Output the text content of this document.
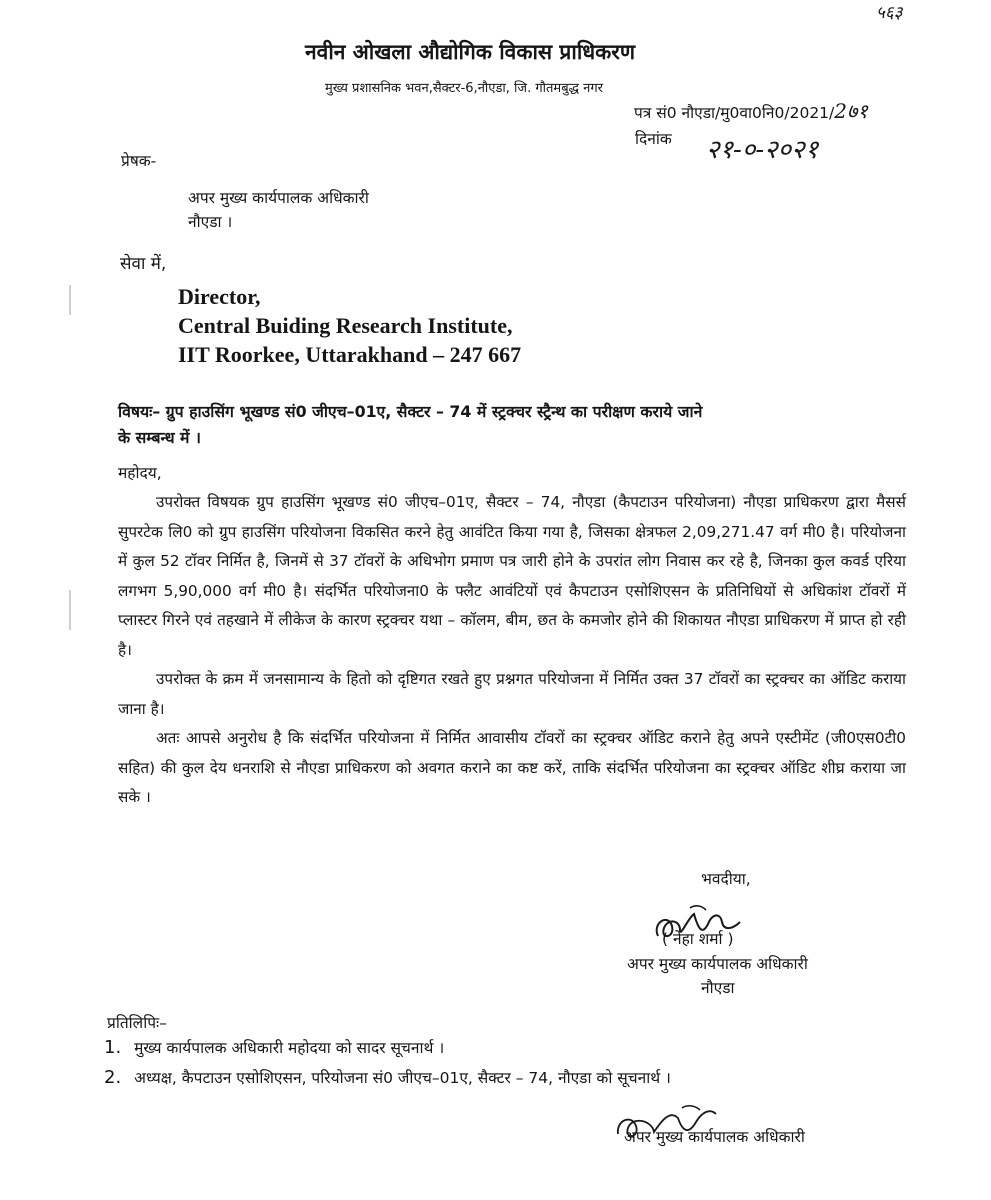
५६३
नवीन ओखला औद्योगिक विकास प्राधिकरण
मुख्य प्रशासनिक भवन,सैक्टर-6,नौएडा, जि. गौतमबुद्ध नगर
पत्र सं0 नौएडा/मु0वा0नि0/2021/2७१
दिनांक २१-०-२०२१
प्रेषक-
अपर मुख्य कार्यपालक अधिकारी
नौएडा ।
सेवा में,
Director,
Central Buiding Research Institute,
IIT Roorkee, Uttarakhand – 247 667
विषयः– ग्रुप हाउसिंग भूखण्ड सं0 जीएच–01ए, सैक्टर – 74 में स्ट्रक्चर स्ट्रैन्थ का परीक्षण कराये जाने
के सम्बन्ध में ।
महोदय,

उपरोक्त विषयक ग्रुप हाउसिंग भूखण्ड सं0 जीएच–01ए, सैक्टर – 74, नौएडा (कैपटाउन परियोजना) नौएडा प्राधिकरण द्वारा मैसर्स सुपरटेक लि0 को ग्रुप हाउसिंग परियोजना विकसित करने हेतु आवंटित किया गया है, जिसका क्षेत्रफल 2,09,271.47 वर्ग मी0 है। परियोजना में कुल 52 टॉवर निर्मित है, जिनमें से 37 टॉवरों के अधिभोग प्रमाण पत्र जारी होने के उपरांत लोग निवास कर रहे है, जिनका कुल कवर्ड एरिया लगभग 5,90,000 वर्ग मी0 है। संदर्भित परियोजना0 के फ्लैट आवंटियों एवं कैपटाउन एसोशिएसन के प्रतिनिधियों से अधिकांश टॉवरों में प्लास्टर गिरने एवं तहखाने में लीकेज के कारण स्ट्रक्चर यथा – कॉलम, बीम, छत के कमजोर होने की शिकायत नौएडा प्राधिकरण में प्राप्त हो रही है।

उपरोक्त के क्रम में जनसामान्य के हितो को दृष्टिगत रखते हुए प्रश्नगत परियोजना में निर्मित उक्त 37 टॉवरों का स्ट्रक्चर का ऑडिट कराया जाना है।

अतः आपसे अनुरोध है कि संदर्भित परियोजना में निर्मित आवासीय टॉवरों का स्ट्रक्चर ऑडिट कराने हेतु अपने एस्टीमेंट (जी0एस0टी0 सहित) की कुल देय धनराशि से नौएडा प्राधिकरण को अवगत कराने का कष्ट करें, ताकि संदर्भित परियोजना का स्ट्रक्चर ऑडिट शीघ्र कराया जा सके ।

भवदीया,
( नेहा शर्मा )
अपर मुख्य कार्यपालक अधिकारी
नौएडा
प्रतिलिपिः–
1. मुख्य कार्यपालक अधिकारी महोदया को सादर सूचनार्थ ।
2. अध्यक्ष, कैपटाउन एसोशिएसन, परियोजना सं0 जीएच–01ए, सैक्टर – 74, नौएडा को सूचनार्थ ।
अपर मुख्य कार्यपालक अधिकारी
